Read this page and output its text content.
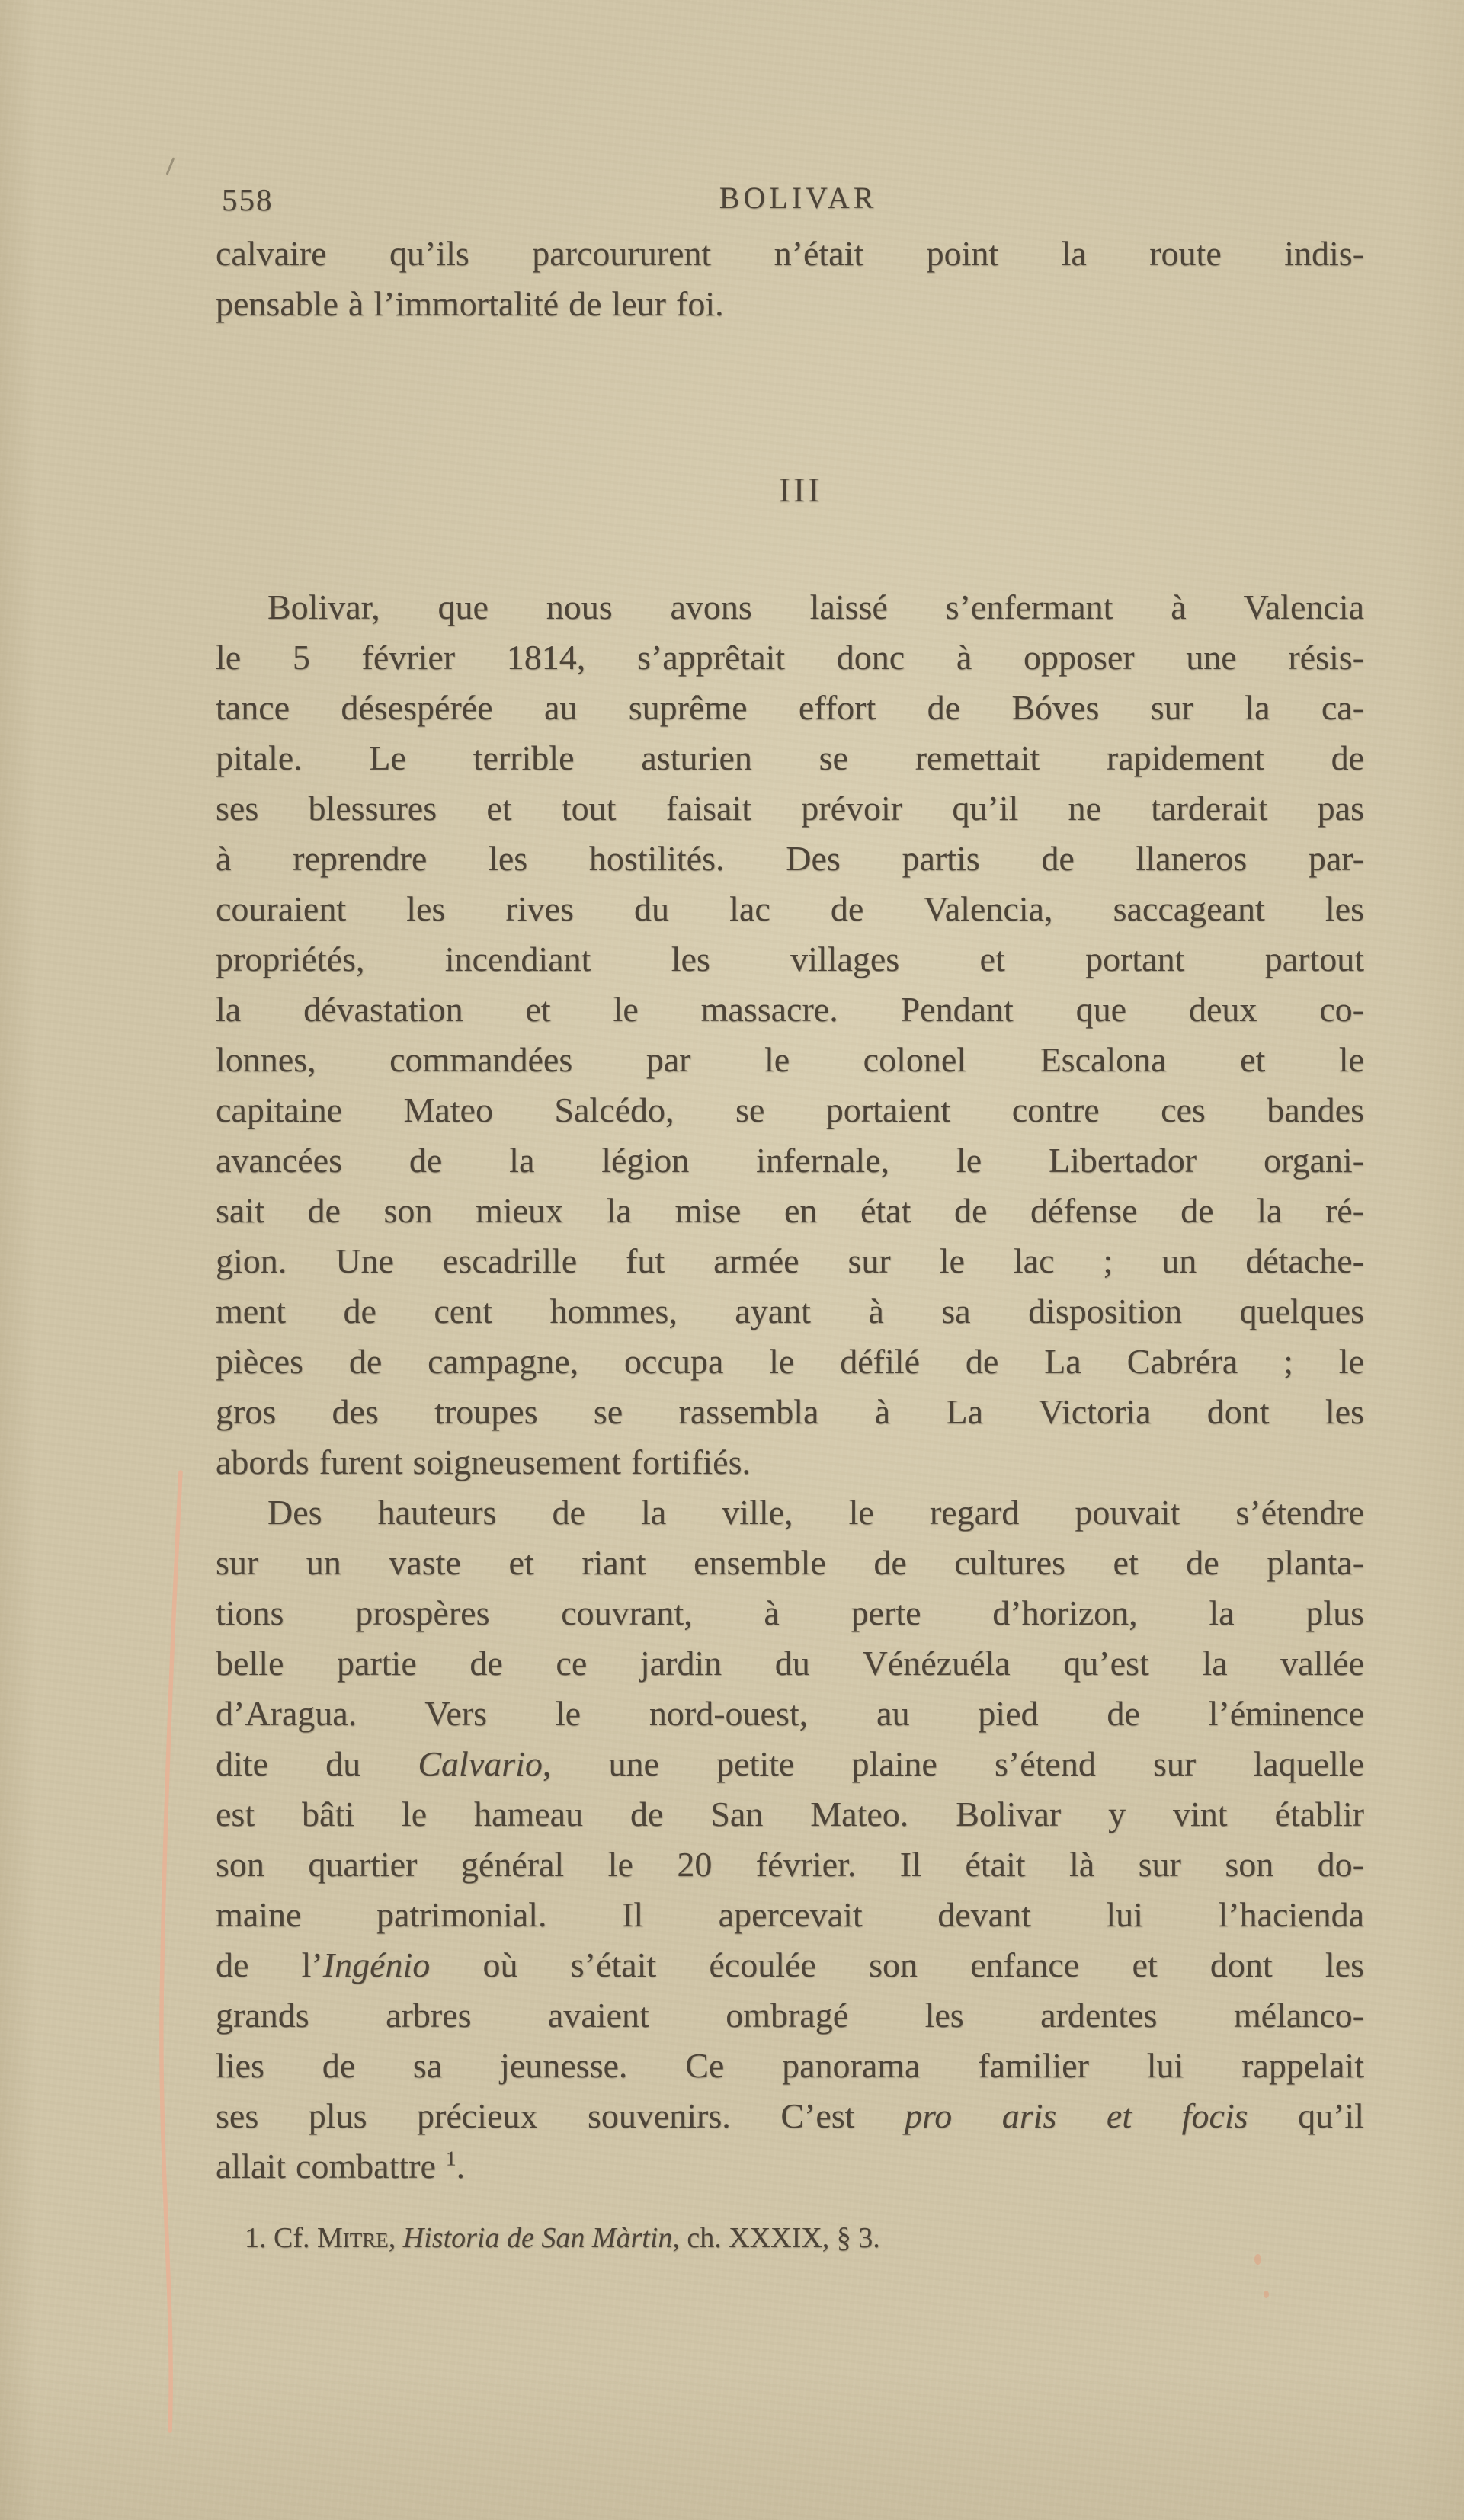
558	BOLIVAR
calvaire qu’ils parcoururent n’était point la route indis-
pensable à l’immortalité de leur foi.
III
Bolivar, que nous avons laissé s’enfermant à Valencia
le 5 février 1814, s’apprêtait donc à opposer une résis-
tance désespérée au suprême effort de Bóves sur la ca-
pitale. Le terrible asturien se remettait rapidement de
ses blessures et tout faisait prévoir qu’il ne tarderait pas
à reprendre les hostilités. Des partis de llaneros par-
couraient les rives du lac de Valencia, saccageant les
propriétés, incendiant les villages et portant partout
la dévastation et le massacre. Pendant que deux co-
lonnes, commandées par le colonel Escalona et le
capitaine Mateo Salcédo, se portaient contre ces bandes
avancées de la légion infernale, le Libertador organi-
sait de son mieux la mise en état de défense de la ré-
gion. Une escadrille fut armée sur le lac ; un détache-
ment de cent hommes, ayant à sa disposition quelques
pièces de campagne, occupa le défilé de La Cabréra ; le
gros des troupes se rassembla à La Victoria dont les
abords furent soigneusement fortifiés.
Des hauteurs de la ville, le regard pouvait s’étendre
sur un vaste et riant ensemble de cultures et de planta-
tions prospères couvrant, à perte d’horizon, la plus
belle partie de ce jardin du Vénézuéla qu’est la vallée
d’Aragua. Vers le nord-ouest, au pied de l’éminence
dite du Calvario, une petite plaine s’étend sur laquelle
est bâti le hameau de San Mateo. Bolivar y vint établir
son quartier général le 20 février. Il était là sur son do-
maine patrimonial. Il apercevait devant lui l’hacienda
de l’Ingénio où s’était écoulée son enfance et dont les
grands arbres avaient ombragé les ardentes mélanco-
lies de sa jeunesse. Ce panorama familier lui rappelait
ses plus précieux souvenirs. C’est pro aris et focis qu’il
allait combattre $^1$.
1. Cf. Mitre, Historia de San Màrtin, ch. XXXIX, § 3.
